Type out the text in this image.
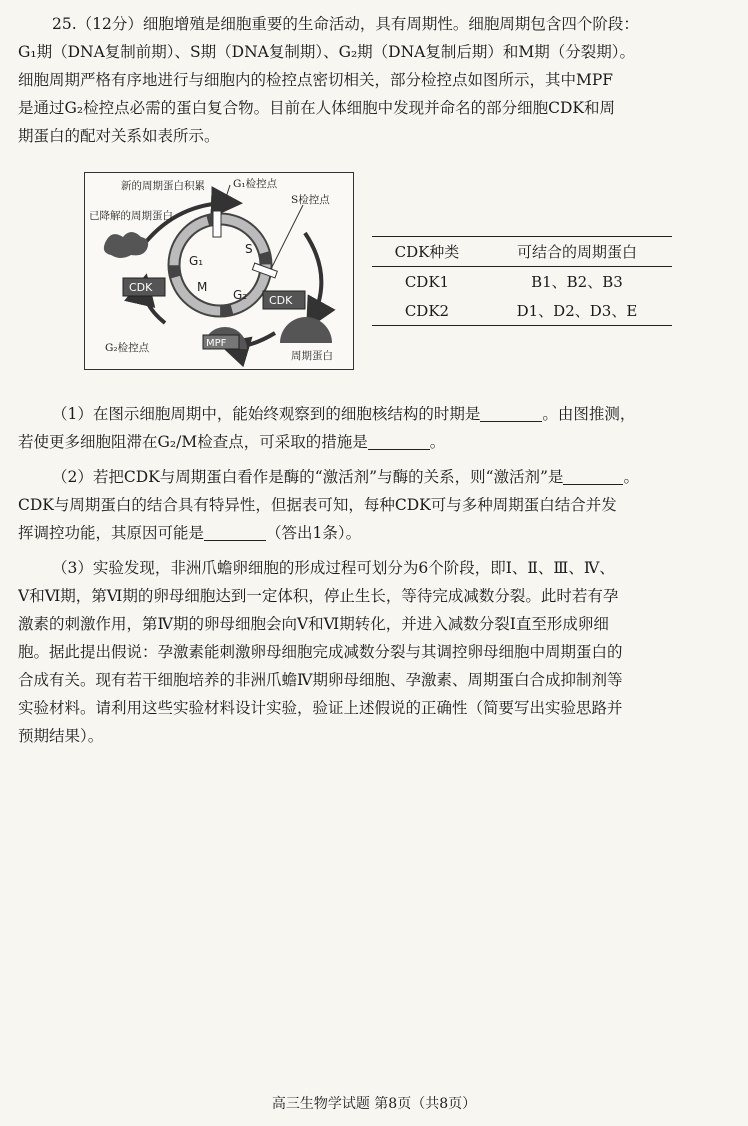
25.（12分）细胞增殖是细胞重要的生命活动，具有周期性。细胞周期包含四个阶段：
G₁期（DNA复制前期）、S期（DNA复制期）、G₂期（DNA复制后期）和M期（分裂期）。
细胞周期严格有序地进行与细胞内的检控点密切相关，部分检控点如图所示，其中MPF
是通过G₂检控点必需的蛋白复合物。目前在人体细胞中发现并命名的部分细胞CDK和周
期蛋白的配对关系如表所示。
G₁
S
G₂
M
CDK
CDK
MPF
新的周期蛋白积累
已降解的周期蛋白
G₁检控点
S检控点
G₂检控点
周期蛋白
CDK种类	可结合的周期蛋白
CDK1	B1、B2、B3
CDK2	D1、D2、D3、E
（1）在图示细胞周期中，能始终观察到的细胞核结构的时期是	。由图推测，
若使更多细胞阻滞在G₂/M检查点，可采取的措施是	。
（2）若把CDK与周期蛋白看作是酶的“激活剂”与酶的关系，则“激活剂”是	。
CDK与周期蛋白的结合具有特异性，但据表可知，每种CDK可与多种周期蛋白结合并发
挥调控功能，其原因可能是	（答出1条）。
（3）实验发现，非洲爪蟾卵细胞的形成过程可划分为6个阶段，即Ⅰ、Ⅱ、Ⅲ、Ⅳ、
Ⅴ和Ⅵ期，第Ⅵ期的卵母细胞达到一定体积，停止生长，等待完成减数分裂。此时若有孕
激素的刺激作用，第Ⅳ期的卵母细胞会向Ⅴ和Ⅵ期转化，并进入减数分裂Ⅰ直至形成卵细
胞。据此提出假说：孕激素能刺激卵母细胞完成减数分裂与其调控卵母细胞中周期蛋白的
合成有关。现有若干细胞培养的非洲爪蟾Ⅳ期卵母细胞、孕激素、周期蛋白合成抑制剂等
实验材料。请利用这些实验材料设计实验，验证上述假说的正确性（简要写出实验思路并
预期结果）。
高三生物学试题 第8页（共8页）
